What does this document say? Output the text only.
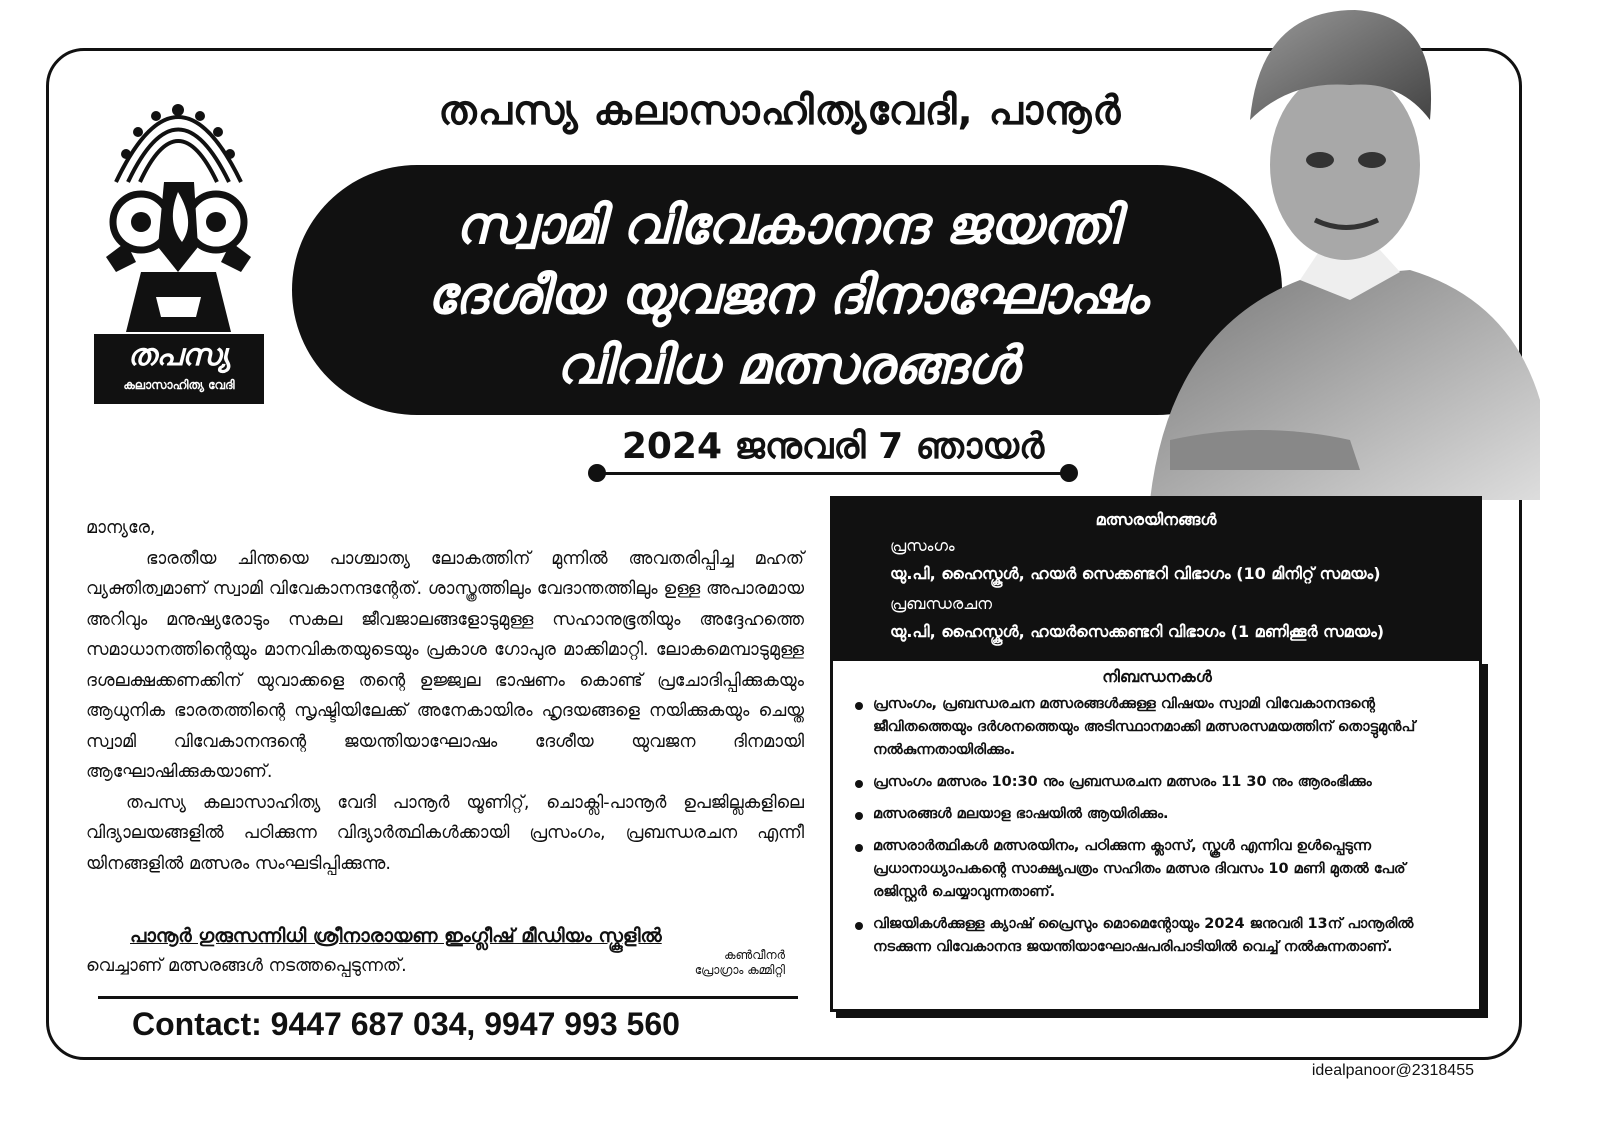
തപസ്യ
കലാസാഹിത്യ വേദി
തപസ്യ കലാസാഹിത്യവേദി, പാനൂർ
സ്വാമി വിവേകാനന്ദ ജയന്തി
ദേശീയ യുവജന ദിനാഘോഷം
വിവിധ മത്സരങ്ങൾ
2024 ജനുവരി 7 ഞായർ

മാന്യരേ,

ഭാരതീയ ചിന്തയെ പാശ്ചാത്യ ലോകത്തിന് മുന്നിൽ അവതരിപ്പിച്ച മഹത് വ്യക്തിത്വമാണ് സ്വാമി വിവേകാനന്ദന്റേത്. ശാസ്ത്രത്തിലും വേദാന്തത്തിലും ഉള്ള അപാരമായ അറിവും മനുഷ്യരോടും സകല ജീവജാലങ്ങളോടുമുള്ള സഹാനുഭൂതിയും അദ്ദേഹത്തെ സമാധാനത്തിന്റെയും മാനവികതയുടെയും പ്രകാശ ഗോപുര മാക്കിമാറ്റി. ലോകമെമ്പാടുമുള്ള ദശലക്ഷക്കണക്കിന് യുവാക്കളെ തന്റെ ഉജ്ജ്വല ഭാഷണം കൊണ്ട് പ്രചോദിപ്പിക്കുകയും ആധുനിക ഭാരതത്തിന്റെ സൃഷ്ടിയിലേക്ക് അനേകായിരം ഹൃദയങ്ങളെ നയിക്കുകയും ചെയ്ത സ്വാമി വിവേകാനന്ദന്റെ ജയന്തിയാഘോഷം ദേശീയ യുവജന ദിനമായി ആഘോഷിക്കുകയാണ്.

തപസ്യ കലാസാഹിത്യ വേദി പാനൂർ യൂണിറ്റ്, ചൊക്ലി-പാനൂർ ഉപജില്ലകളിലെ വിദ്യാലയങ്ങളിൽ പഠിക്കുന്ന വിദ്യാർത്ഥികൾക്കായി പ്രസംഗം, പ്രബന്ധരചന എന്നീ യിനങ്ങളിൽ മത്സരം സംഘടിപ്പിക്കുന്നു.

പാനൂർ ഗുരുസന്നിധി ശ്രീനാരായണ ഇംഗ്ലീഷ് മീഡിയം സ്കൂളിൽ
വെച്ചാണ് മത്സരങ്ങൾ നടത്തപ്പെടുന്നത്.
കൺവീനർ
പ്രോഗ്രാം കമ്മിറ്റി
Contact: 9447 687 034, 9947 993 560
മത്സരയിനങ്ങൾ
പ്രസംഗം
യു.പി, ഹൈസ്കൂൾ, ഹയർ സെക്കണ്ടറി വിഭാഗം (10 മിനിറ്റ് സമയം)
പ്രബന്ധരചന
യു.പി, ഹൈസ്കൂൾ, ഹയർസെക്കണ്ടറി വിഭാഗം (1 മണിക്കൂർ സമയം)
നിബന്ധനകൾ
പ്രസംഗം, പ്രബന്ധരചന മത്സരങ്ങൾക്കുള്ള വിഷയം സ്വാമി വിവേകാനന്ദന്റെ ജീവിതത്തെയും ദർശനത്തെയും അടിസ്ഥാനമാക്കി മത്സരസമയത്തിന് തൊട്ടുമുൻപ് നൽകുന്നതായിരിക്കും.
പ്രസംഗം മത്സരം 10:30 നും പ്രബന്ധരചന മത്സരം 11 30 നും ആരംഭിക്കും
മത്സരങ്ങൾ മലയാള ഭാഷയിൽ ആയിരിക്കും.
മത്സരാർത്ഥികൾ മത്സരയിനം, പഠിക്കുന്ന ക്ലാസ്, സ്കൂൾ എന്നിവ ഉൾപ്പെടുന്ന പ്രധാനാധ്യാപകന്റെ സാക്ഷ്യപത്രം സഹിതം മത്സര ദിവസം 10 മണി മുതൽ പേര് രജിസ്റ്റർ ചെയ്യാവുന്നതാണ്.
വിജയികൾക്കുള്ള ക്യാഷ് പ്രൈസും മൊമെന്റോയും 2024 ജനുവരി 13ന് പാനൂരിൽ നടക്കുന്ന വിവേകാനന്ദ ജയന്തിയാഘോഷപരിപാടിയിൽ വെച്ച് നൽകുന്നതാണ്.
idealpanoor@2318455
